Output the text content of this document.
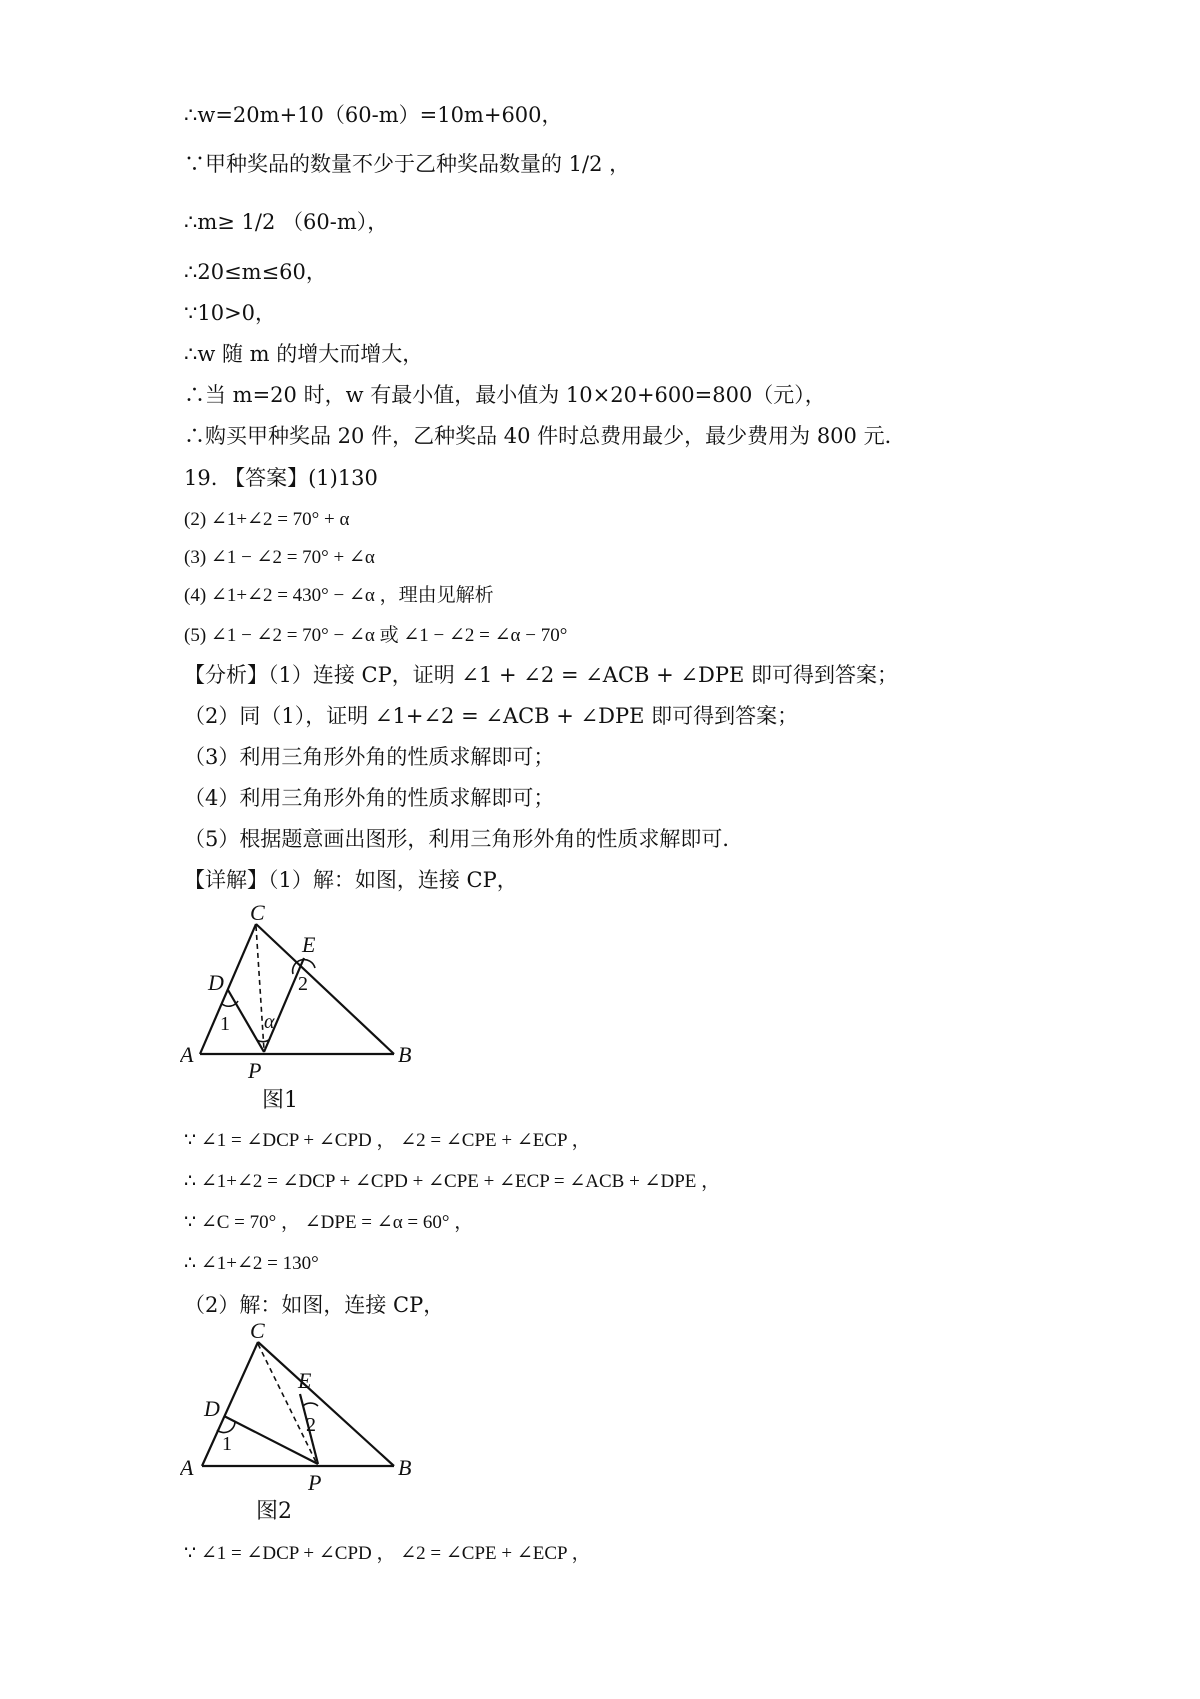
∴w=20m+10（60-m）=10m+600，
∵甲种奖品的数量不少于乙种奖品数量的 1/2 ，
∴m≥ 1/2 （60-m），
∴20≤m≤60，
∵10>0，
∴w 随 m 的增大而增大，
∴当 m=20 时，w 有最小值，最小值为 10×20+600=800（元），
∴购买甲种奖品 20 件，乙种奖品 40 件时总费用最少，最少费用为 800 元．
19. 【答案】(1)130
(2) ∠1+∠2 = 70° + α
(3) ∠1 − ∠2 = 70° + ∠α
(4) ∠1+∠2 = 430° − ∠α ，理由见解析
(5) ∠1 − ∠2 = 70° − ∠α 或 ∠1 − ∠2 = ∠α − 70°
【分析】（1）连接 CP，证明 ∠1 + ∠2 = ∠ACB + ∠DPE 即可得到答案；
（2）同（1），证明 ∠1+∠2 = ∠ACB + ∠DPE 即可得到答案；
（3）利用三角形外角的性质求解即可；
（4）利用三角形外角的性质求解即可；
（5）根据题意画出图形，利用三角形外角的性质求解即可．
【详解】（1）解：如图，连接 CP，
C
E
D
A
P
B
1
2
α
图1
∵ ∠1 = ∠DCP + ∠CPD ， ∠2 = ∠CPE + ∠ECP ，
∴ ∠1+∠2 = ∠DCP + ∠CPD + ∠CPE + ∠ECP = ∠ACB + ∠DPE ，
∵ ∠C = 70° ， ∠DPE = ∠α = 60° ，
∴ ∠1+∠2 = 130°
（2）解：如图，连接 CP，
C
E
D
A
P
B
1
2
图2
∵ ∠1 = ∠DCP + ∠CPD ， ∠2 = ∠CPE + ∠ECP ，
